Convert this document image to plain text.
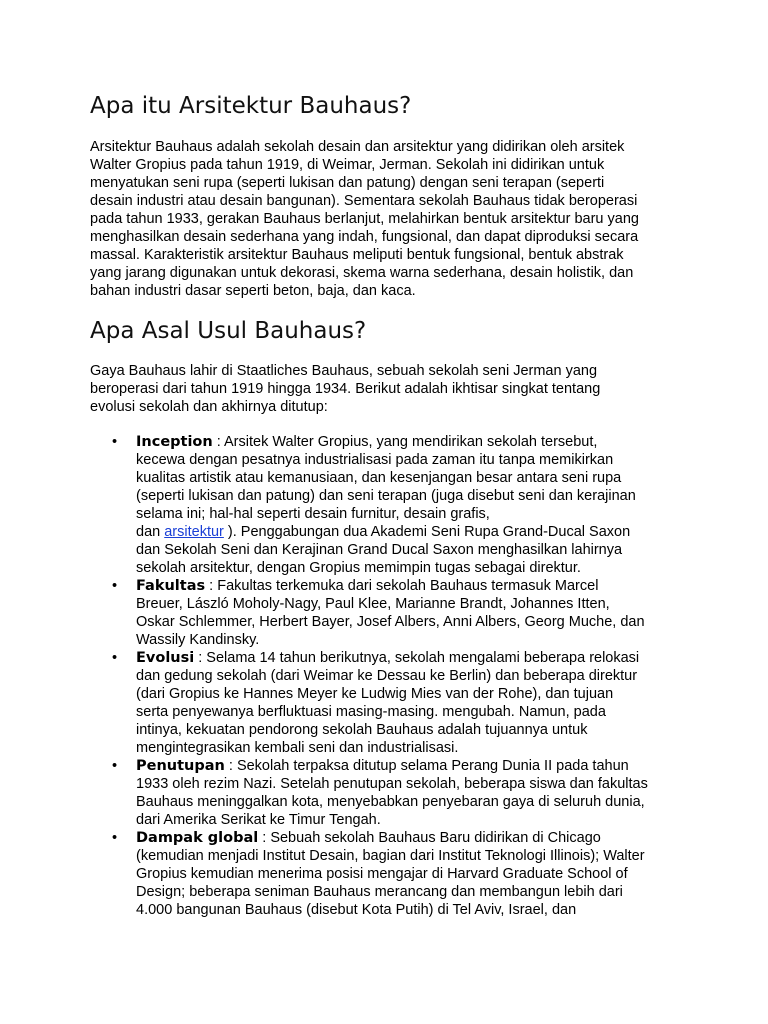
Apa itu Arsitektur Bauhaus?
Arsitektur Bauhaus adalah sekolah desain dan arsitektur yang didirikan oleh arsitek
Walter Gropius pada tahun 1919, di Weimar, Jerman. Sekolah ini didirikan untuk
menyatukan seni rupa (seperti lukisan dan patung) dengan seni terapan (seperti
desain industri atau desain bangunan). Sementara sekolah Bauhaus tidak beroperasi
pada tahun 1933, gerakan Bauhaus berlanjut, melahirkan bentuk arsitektur baru yang
menghasilkan desain sederhana yang indah, fungsional, dan dapat diproduksi secara
massal. Karakteristik arsitektur Bauhaus meliputi bentuk fungsional, bentuk abstrak
yang jarang digunakan untuk dekorasi, skema warna sederhana, desain holistik, dan
bahan industri dasar seperti beton, baja, dan kaca.
Apa Asal Usul Bauhaus?
Gaya Bauhaus lahir di Staatliches Bauhaus, sebuah sekolah seni Jerman yang
beroperasi dari tahun 1919 hingga 1934. Berikut adalah ikhtisar singkat tentang
evolusi sekolah dan akhirnya ditutup:
• Inception : Arsitek Walter Gropius, yang mendirikan sekolah tersebut,
kecewa dengan pesatnya industrialisasi pada zaman itu tanpa memikirkan
kualitas artistik atau kemanusiaan, dan kesenjangan besar antara seni rupa
(seperti lukisan dan patung) dan seni terapan (juga disebut seni dan kerajinan
selama ini; hal-hal seperti desain furnitur, desain grafis,
dan arsitektur ). Penggabungan dua Akademi Seni Rupa Grand-Ducal Saxon
dan Sekolah Seni dan Kerajinan Grand Ducal Saxon menghasilkan lahirnya
sekolah arsitektur, dengan Gropius memimpin tugas sebagai direktur.
• Fakultas : Fakultas terkemuka dari sekolah Bauhaus termasuk Marcel
Breuer, László Moholy-Nagy, Paul Klee, Marianne Brandt, Johannes Itten,
Oskar Schlemmer, Herbert Bayer, Josef Albers, Anni Albers, Georg Muche, dan
Wassily Kandinsky.
• Evolusi : Selama 14 tahun berikutnya, sekolah mengalami beberapa relokasi
dan gedung sekolah (dari Weimar ke Dessau ke Berlin) dan beberapa direktur
(dari Gropius ke Hannes Meyer ke Ludwig Mies van der Rohe), dan tujuan
serta penyewanya berfluktuasi masing-masing. mengubah. Namun, pada
intinya, kekuatan pendorong sekolah Bauhaus adalah tujuannya untuk
mengintegrasikan kembali seni dan industrialisasi.
• Penutupan : Sekolah terpaksa ditutup selama Perang Dunia II pada tahun
1933 oleh rezim Nazi. Setelah penutupan sekolah, beberapa siswa dan fakultas
Bauhaus meninggalkan kota, menyebabkan penyebaran gaya di seluruh dunia,
dari Amerika Serikat ke Timur Tengah.
• Dampak global : Sebuah sekolah Bauhaus Baru didirikan di Chicago
(kemudian menjadi Institut Desain, bagian dari Institut Teknologi Illinois); Walter
Gropius kemudian menerima posisi mengajar di Harvard Graduate School of
Design; beberapa seniman Bauhaus merancang dan membangun lebih dari
4.000 bangunan Bauhaus (disebut Kota Putih) di Tel Aviv, Israel, dan
